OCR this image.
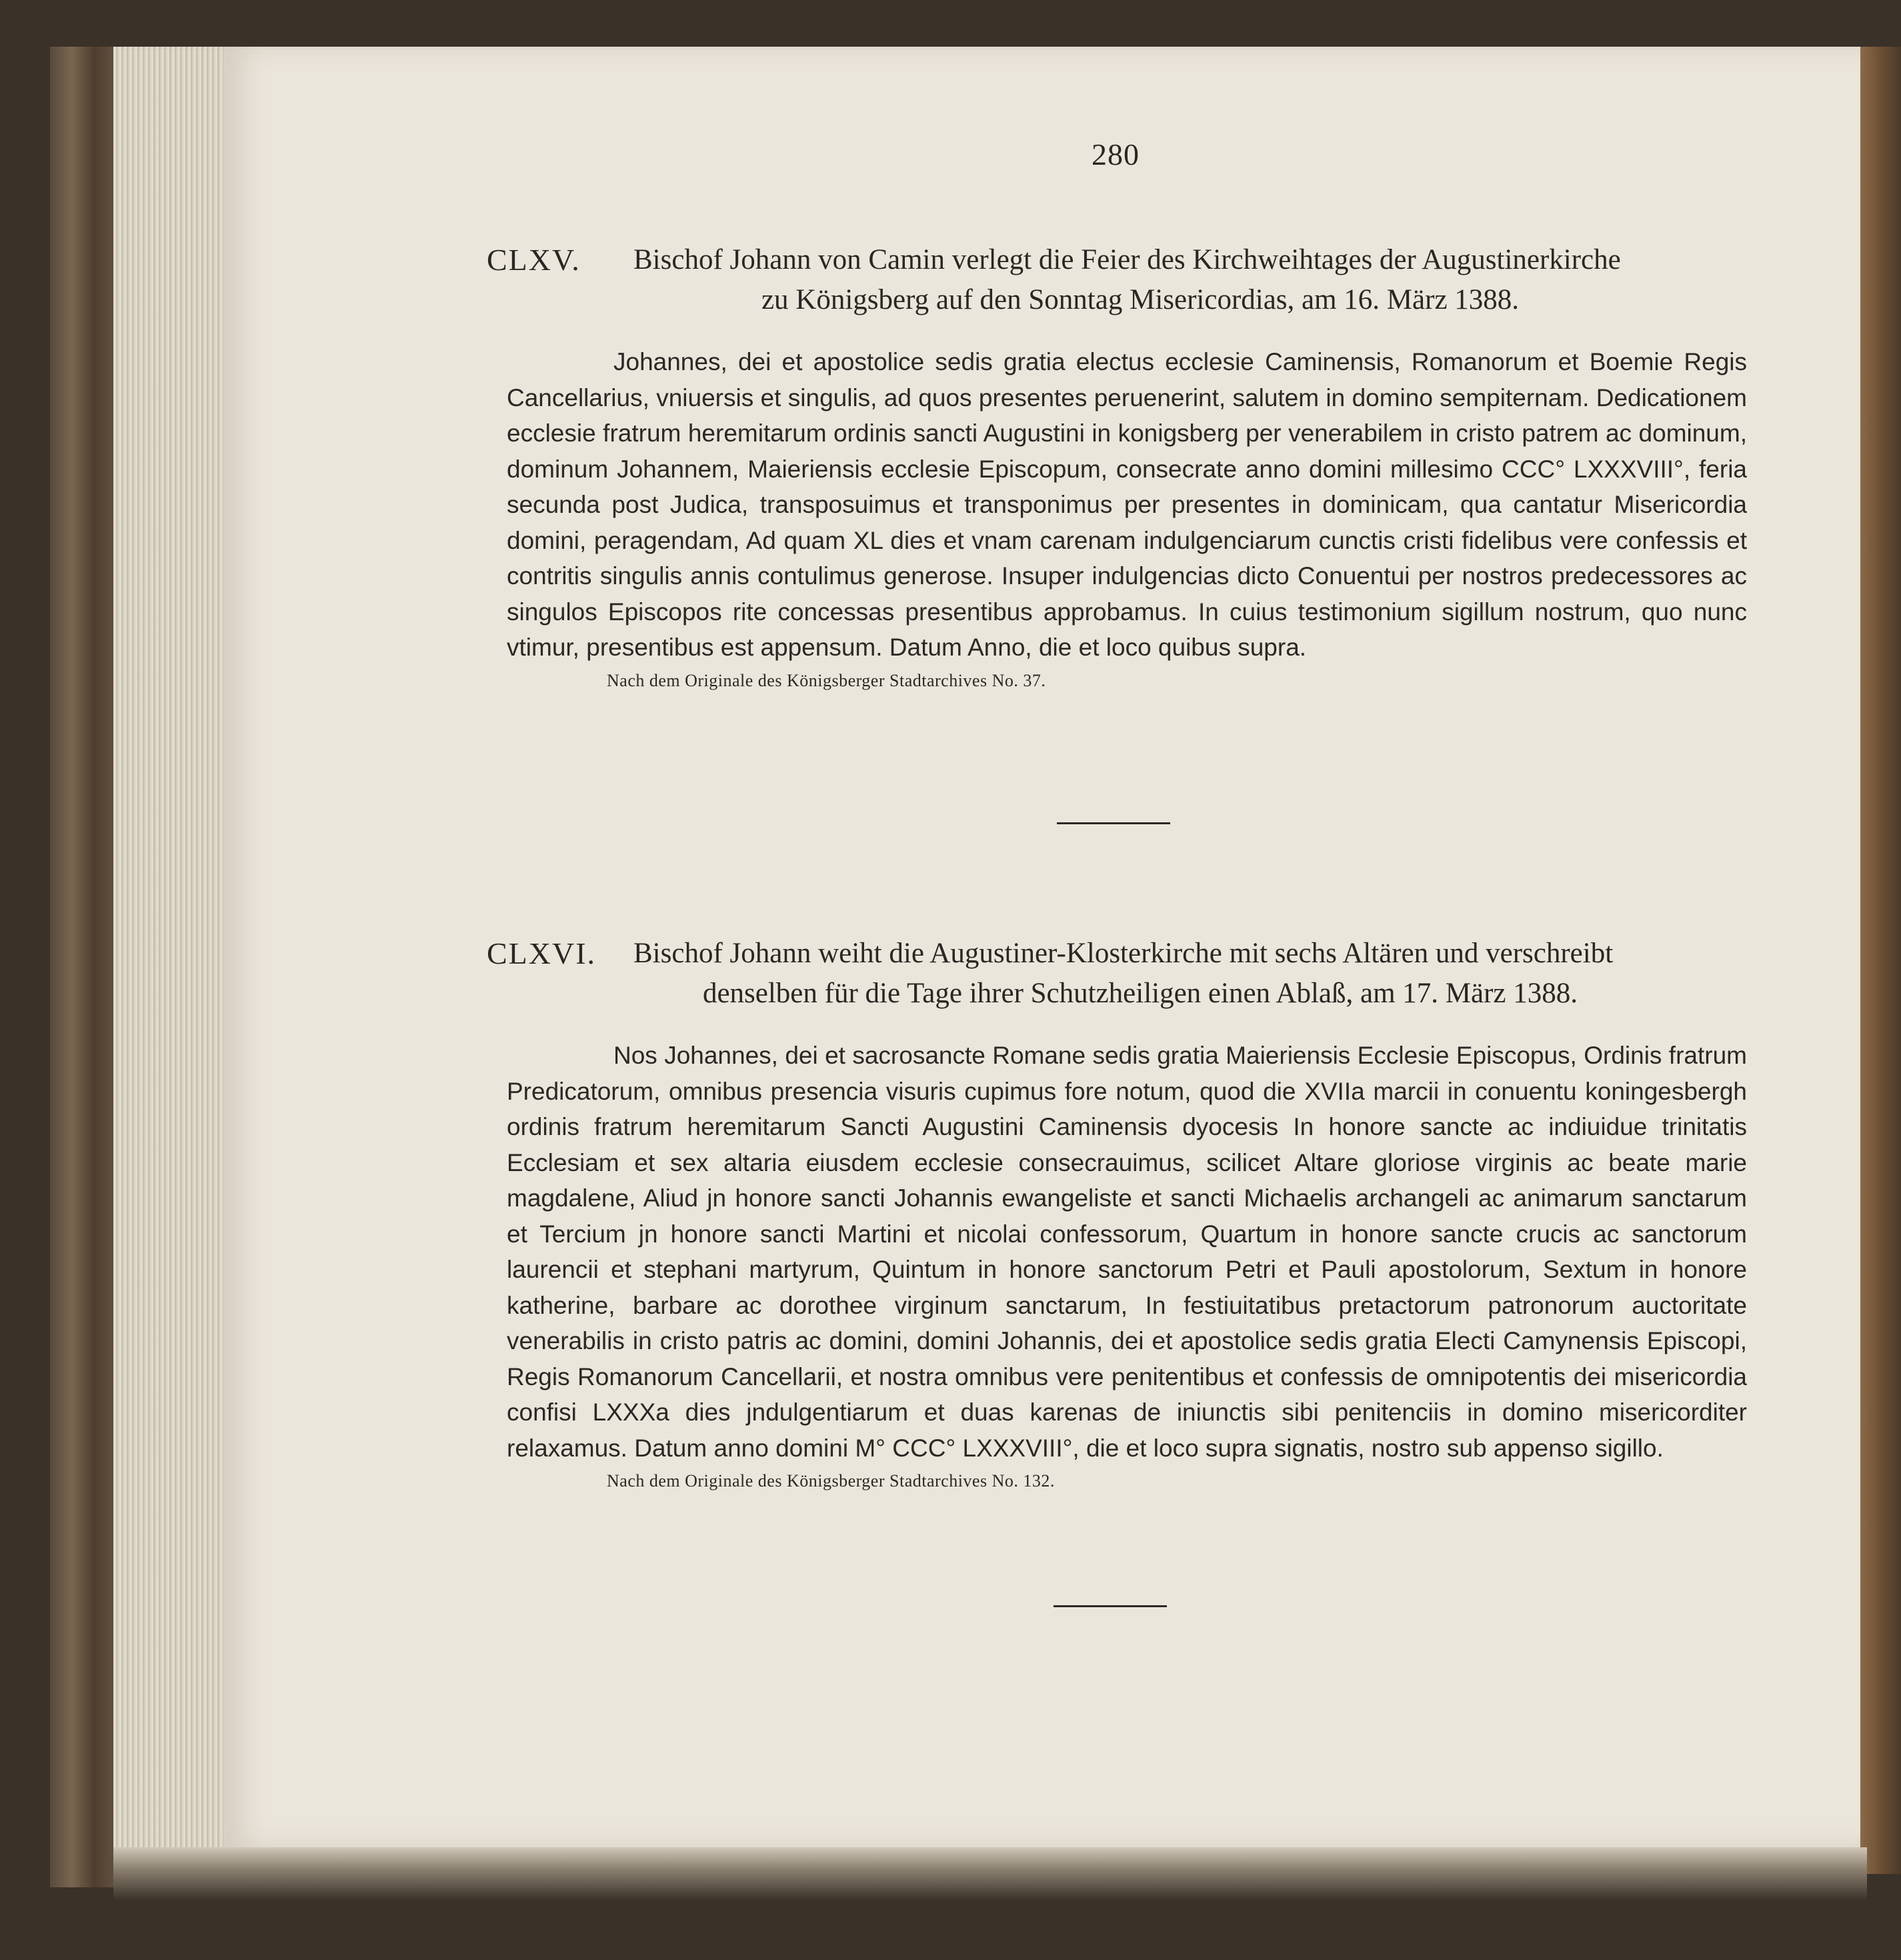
280
CLXV.	Bischof Johann von Camin verlegt die Feier des Kirchweihtages der Augustinerkirche
zu Königsberg auf den Sonntag Misericordias, am 16. März 1388.
Johannes, dei et apostolice sedis gratia electus ecclesie Caminensis, Romanorum et Boemie Regis Cancellarius, vniuersis et singulis, ad quos presentes peruenerint, salutem in domino sempiternam. Dedicationem ecclesie fratrum heremitarum ordinis sancti Augustini in konigsberg per venerabilem in cristo patrem ac dominum, dominum Johannem, Maieriensis ecclesie Episcopum, consecrate anno domini millesimo CCC° LXXXVIII°, feria secunda post Judica, transposuimus et transponimus per presentes in dominicam, qua cantatur Misericordia domini, peragendam, Ad quam XL dies et vnam carenam indulgenciarum cunctis cristi fidelibus vere confessis et contritis singulis annis contulimus generose. Insuper indulgencias dicto Conuentui per nostros predecessores ac singulos Episcopos rite concessas presentibus approbamus. In cuius testimonium sigillum nostrum, quo nunc vtimur, presentibus est appensum. Datum Anno, die et loco quibus supra.
Nach dem Originale des Königsberger Stadtarchives No. 37.
CLXVI.	Bischof Johann weiht die Augustiner-Klosterkirche mit sechs Altären und verschreibt
denselben für die Tage ihrer Schutzheiligen einen Ablaß, am 17. März 1388.
Nos Johannes, dei et sacrosancte Romane sedis gratia Maieriensis Ecclesie Episcopus, Ordinis fratrum Predicatorum, omnibus presencia visuris cupimus fore notum, quod die XVIIa marcii in conuentu koningesbergh ordinis fratrum heremitarum Sancti Augustini Caminensis dyocesis In honore sancte ac indiuidue trinitatis Ecclesiam et sex altaria eiusdem ecclesie consecrauimus, scilicet Altare gloriose virginis ac beate marie magdalene, Aliud jn honore sancti Johannis ewangeliste et sancti Michaelis archangeli ac animarum sanctarum et Tercium jn honore sancti Martini et nicolai confessorum, Quartum in honore sancte crucis ac sanctorum laurencii et stephani martyrum, Quintum in honore sanctorum Petri et Pauli apostolorum, Sextum in honore katherine, barbare ac dorothee virginum sanctarum, In festiuitatibus pretactorum patronorum auctoritate venerabilis in cristo patris ac domini, domini Johannis, dei et apostolice sedis gratia Electi Camynensis Episcopi, Regis Romanorum Cancellarii, et nostra omnibus vere penitentibus et confessis de omnipotentis dei misericordia confisi LXXXa dies jndulgentiarum et duas karenas de iniunctis sibi penitenciis in domino misericorditer relaxamus. Datum anno domini M° CCC° LXXXVIII°, die et loco supra signatis, nostro sub appenso sigillo.
Nach dem Originale des Königsberger Stadtarchives No. 132.
